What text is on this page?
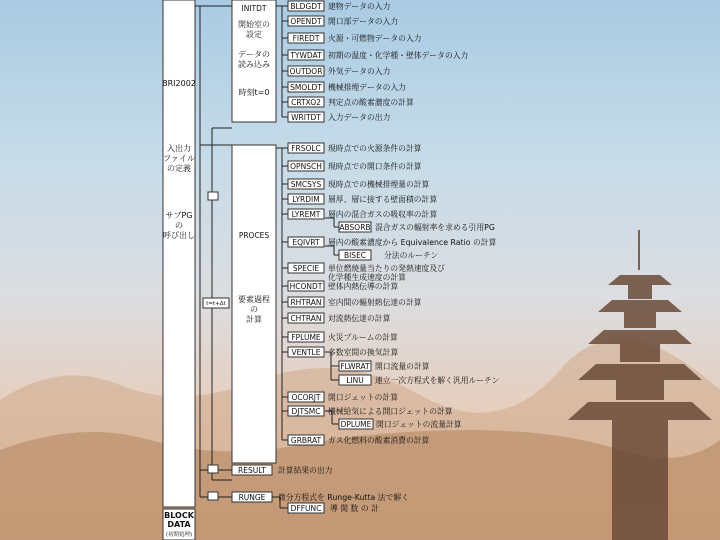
BRI2002
入出力
ファイル
の定義
サブPG
の
呼び出し
BLOCK
DATA
(初期処理)
INITDT
開始室の
設定
データの
読み込み
時刻t=0
BLDGDT 建物データの入力
OPENDT 開口部データの入力
FIREDT 火源・可燃物データの入力
TYWDAT 初期の温度・化学種・壁体データの入力
OUTDOR 外気データの入力
SMOLDT 機械排煙データの入力
CRTXO2 判定点の酸素濃度の計算
WRITDT 入力データの出力
PROCES
要素過程
の
計算
t=t+Δt
FRSOLC 現時点での火源条件の計算
OPNSCH 現時点での開口条件の計算
SMCSYS 現時点での機械排煙量の計算
LYRDIM 層厚、層に接する壁面積の計算
LYREMT 層内の混合ガスの吸収率の計算
EQIVRT 層内の酸素濃度から Equivalence Ratio の計算
SPECIE 単位燃焼量当たりの発熱速度及び
化学種生成速度の計算
HCONDT 壁体内熱伝導の計算
RHTRAN 室内間の輻射熱伝達の計算
CHTRAN 対流熱伝達の計算
FPLUME 火災プルームの計算
VENTLE 多数室間の換気計算
OCORJT 開口ジェットの計算
DJTSMC 機械給気による開口ジェットの計算
GRBRAT ガス化燃料の酸素消費の計算
ABSORB 混合ガスの輻射率を求める引用PG
BISEC 分法のルーチン
FLWRAT 開口流量の計算
LINU 連立一次方程式を解く汎用ルーチン
DPLUME 開口ジェットの流量計算
RESULT 計算結果の出力
RUNGE 微分方程式を Runge-Kutta 法で解く
DFFUNC 導 関 数 の 計
